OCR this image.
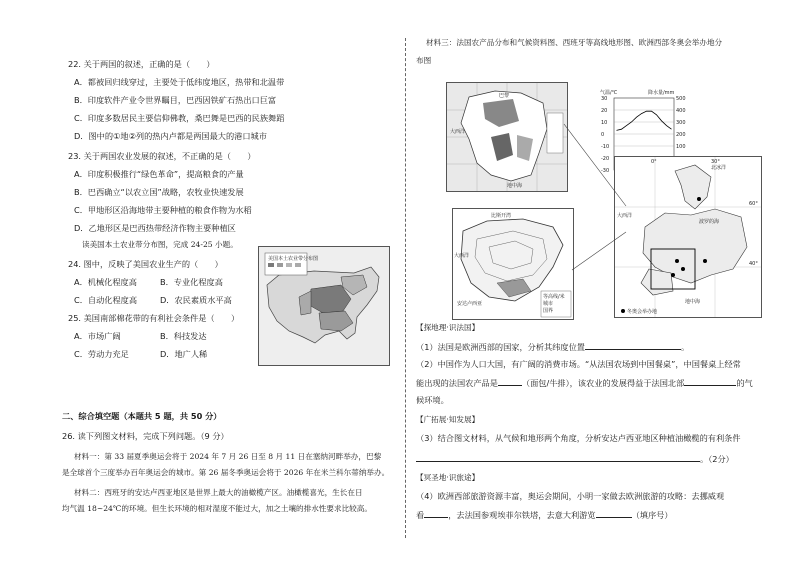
22. 关于两国的叙述，正确的是（　　）
A．都被回归线穿过，主要处于低纬度地区，热带和北温带
B．印度软件产业令世界瞩目，巴西因铁矿石热出口巨富
C．印度多数居民主要信仰佛教，桑巴舞是巴西的民族舞蹈
D．图中的①地②列的热内卢都是两国最大的港口城市
23. 关于两国农业发展的叙述，不正确的是（　　）
A．印度积极推行“绿色革命”，提高粮食的产量
B．巴西确立“以农立国”战略，农牧业快速发展
C．甲地形区沿海地带主要种植的粮食作物为水稻
D．乙地形区是巴西热带经济作物主要种植区
读美国本土农业带分布图，完成 24-25 小题。
24. 图中，反映了美国农业生产的（　　）
A．机械化程度高	B．专业化程度高
C．自动化程度高	D．农民素质水平高
25. 美国南部棉花带的有利社会条件是（　　）
A．市场广阔	B．科技发达
C．劳动力充足	D．地广人稀
美国本土农业带分布图
二、综合填空题（本题共 5 题，共 50 分）
26. 读下列图文材料，完成下列问题。（9 分）
材料一：第 33 届夏季奥运会将于 2024 年 7 月 26 日至 8 月 11 日在塞纳河畔举办，巴黎
是全球首个三度举办百年奥运会的城市。第 26 届冬季奥运会将于 2026 年在米兰科尔蒂纳举办。
材料二：西班牙的安达卢西亚地区是世界上最大的油橄榄产区。油橄榄喜光，生长在日
均气温 18~24℃的环境。但生长环境的相对湿度不能过大，加之土壤的排水性要求比较高。
材料三：法国农产品分布和气候资料图、西班牙等高线地形图、欧洲西部冬奥会举办地分
布图
大西洋
地中海
巴黎	气温/℃	降水量/mm
30
20
10
0
-10
-20
-30
500
400
300
200
100
比斯开湾
大西洋
安达卢西亚
等高线/米
城市
国界
北冰洋
大西洋
地中海
波罗的海
60°
40°
0°	30°
冬奥会举办地
【探地理·识法国】
（1）法国是欧洲西部的国家，分析其纬度位置	。
（2）中国作为人口大国，有广阔的消费市场。“从法国农场到中国餐桌”，中国餐桌上经常
能出现的法国农产品是	（面包/牛排），该农业的发展得益于法国北部	的气
候环境。
【广拓展·知发展】
（3）结合图文材料，从气候和地形两个角度，分析安达卢西亚地区种植油橄榄的有利条件
。（2分）
【冥圣地·识旅途】
（4）欧洲西部旅游资源丰富，奥运会期间，小明一家做去欧洲旅游的攻略：去挪威观
看	，去法国参观埃菲尔铁塔，去意大利游览	（填序号）
